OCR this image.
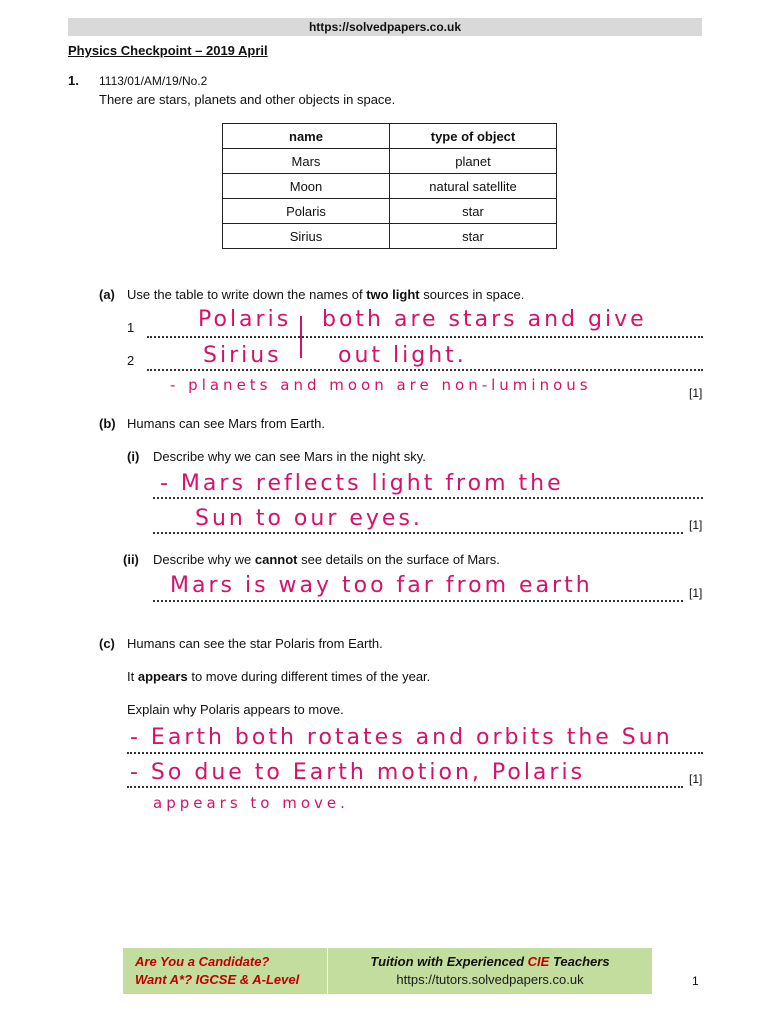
https://solvedpapers.co.uk
Physics Checkpoint – 2019 April
1. 1113/01/AM/19/No.2
There are stars, planets and other objects in space.
name	type of object
Mars	planet
Moon	natural satellite
Polaris	star
Sirius	star
(a) Use the table to write down the names of two light sources in space.
1
2
[1]
Polaris both are stars and give
Sirius	out light.
- planets and moon are non-luminous
(b) Humans can see Mars from Earth.
(i) Describe why we can see Mars in the night sky.
[1]
- Mars reflects light from the
Sun to our eyes.
(ii) Describe why we cannot see details on the surface of Mars.
[1]
Mars is way too far from earth
(c) Humans can see the star Polaris from Earth.
It appears to move during different times of the year.
Explain why Polaris appears to move.
[1]
- Earth both rotates and orbits the Sun
- So due to Earth motion, Polaris
appears to move.
Are You a Candidate?
Want A*? IGCSE & A-Level
Tuition with Experienced CIE Teachers
https://tutors.solvedpapers.co.uk	1
